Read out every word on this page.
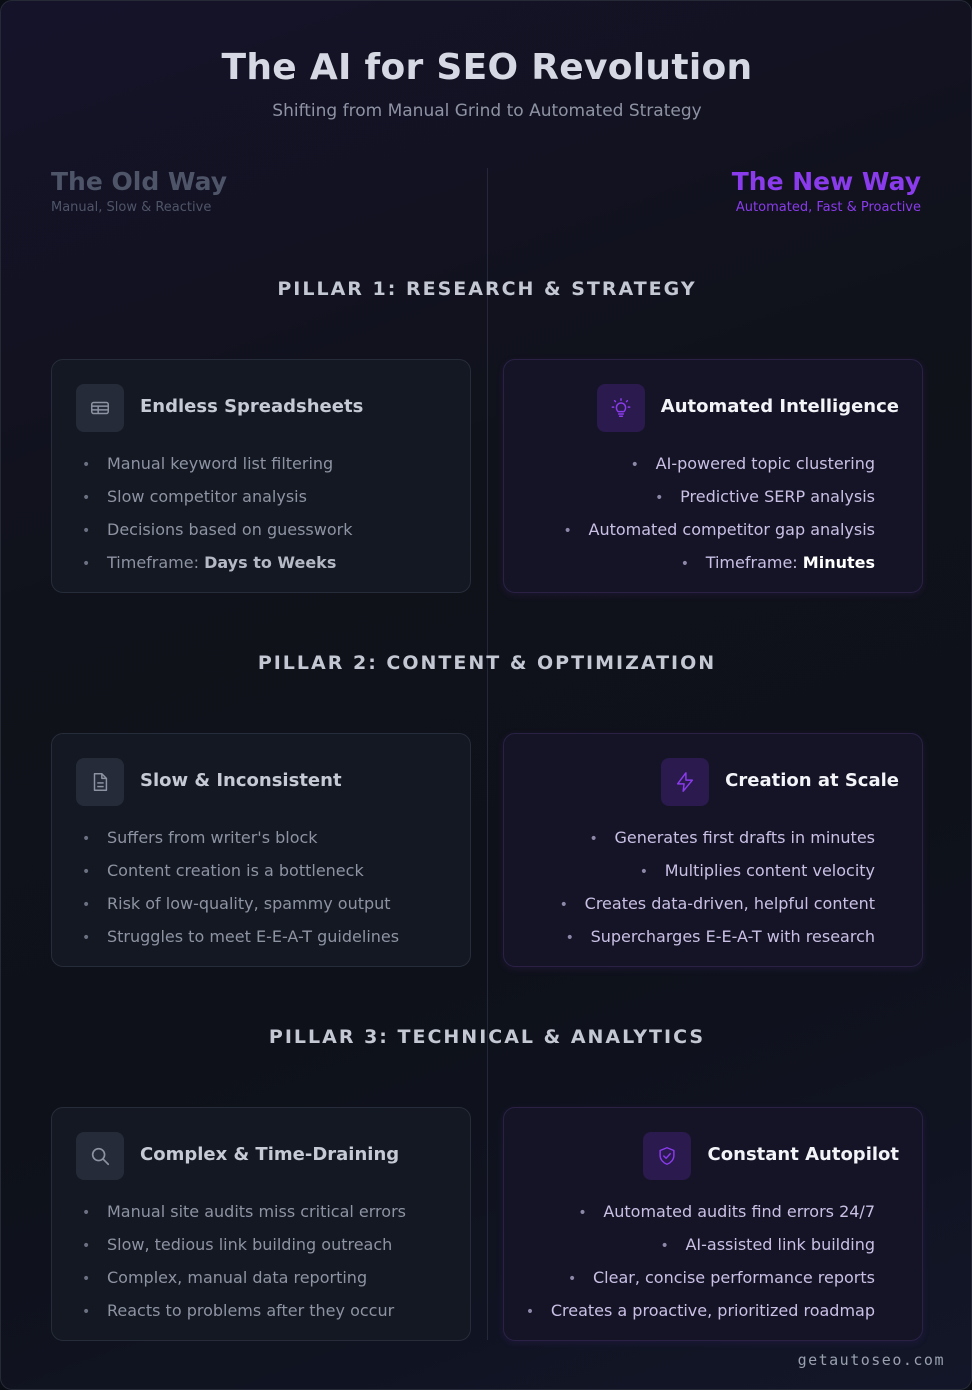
The AI for SEO Revolution
Shifting from Manual Grind to Automated Strategy
The Old Way
Manual, Slow & Reactive
The New Way
Automated, Fast & Proactive
PILLAR 1: RESEARCH & STRATEGY
Endless Spreadsheets
• Manual keyword list filtering
• Slow competitor analysis
• Decisions based on guesswork
• Timeframe: Days to Weeks
Automated Intelligence
• AI-powered topic clustering
• Predictive SERP analysis
• Automated competitor gap analysis
• Timeframe: Minutes
PILLAR 2: CONTENT & OPTIMIZATION
Slow & Inconsistent
• Suffers from writer's block
• Content creation is a bottleneck
• Risk of low-quality, spammy output
• Struggles to meet E-E-A-T guidelines
Creation at Scale
• Generates first drafts in minutes
• Multiplies content velocity
• Creates data-driven, helpful content
• Supercharges E-E-A-T with research
PILLAR 3: TECHNICAL & ANALYTICS
Complex & Time-Draining
• Manual site audits miss critical errors
• Slow, tedious link building outreach
• Complex, manual data reporting
• Reacts to problems after they occur
Constant Autopilot
• Automated audits find errors 24/7
• AI-assisted link building
• Clear, concise performance reports
• Creates a proactive, prioritized roadmap
getautoseo.com
